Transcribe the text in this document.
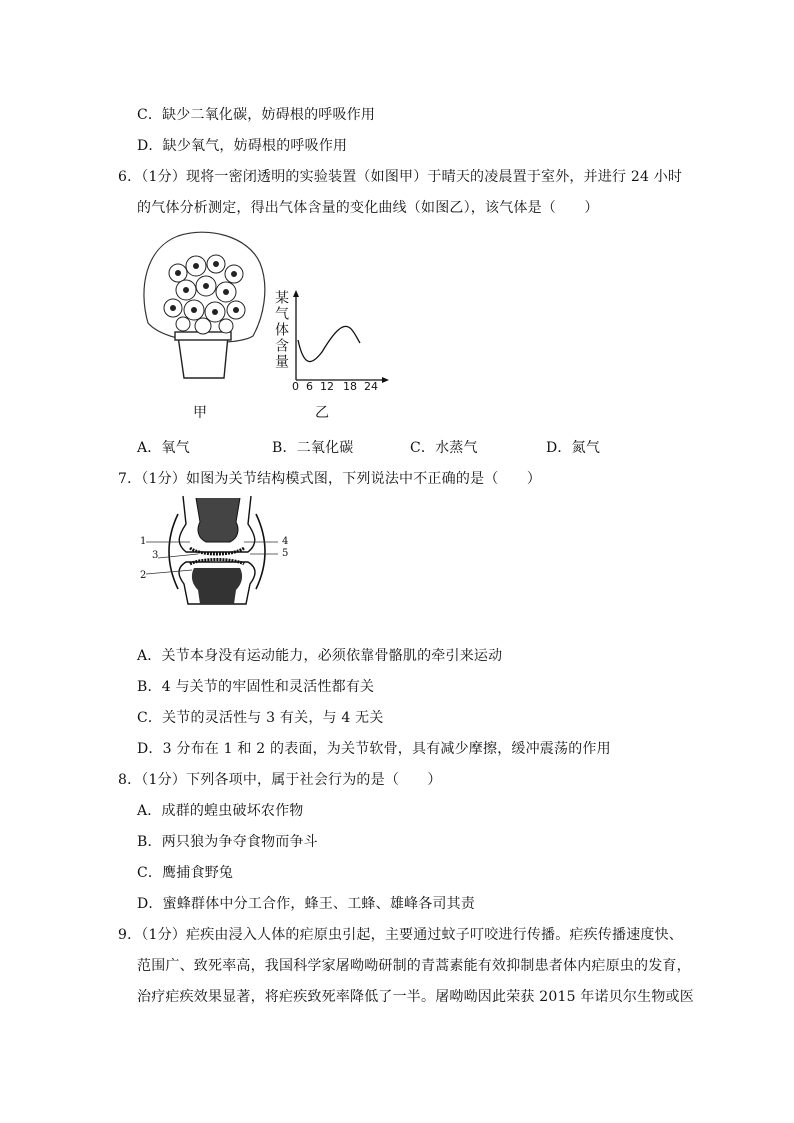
C．缺少二氧化碳，妨碍根的呼吸作用
D．缺少氧气，妨碍根的呼吸作用
6．（1分）现将一密闭透明的实验装置（如图甲）于晴天的凌晨置于室外，并进行 24 小时
的气体分析测定，得出气体含量的变化曲线（如图乙），该气体是（　　）
甲
某气体含量
0 6 12 18 24
乙
A．氧气	B．二氧化碳	C．水蒸气	D．氮气
7．（1分）如图为关节结构模式图，下列说法中不正确的是（　　）
1
2
3
4
5
A．关节本身没有运动能力，必须依靠骨骼肌的牵引来运动
B．4 与关节的牢固性和灵活性都有关
C．关节的灵活性与 3 有关，与 4 无关
D．3 分布在 1 和 2 的表面，为关节软骨，具有减少摩擦，缓冲震荡的作用
8．（1分）下列各项中，属于社会行为的是（　　）
A．成群的蝗虫破坏农作物
B．两只狼为争夺食物而争斗
C．鹰捕食野兔
D．蜜蜂群体中分工合作，蜂王、工蜂、雄峰各司其责
9．（1分）疟疾由浸入人体的疟原虫引起，主要通过蚊子叮咬进行传播。疟疾传播速度快、
范围广、致死率高，我国科学家屠呦呦研制的青蒿素能有效抑制患者体内疟原虫的发育，
治疗疟疾效果显著，将疟疾致死率降低了一半。屠呦呦因此荣获 2015 年诺贝尔生物或医
